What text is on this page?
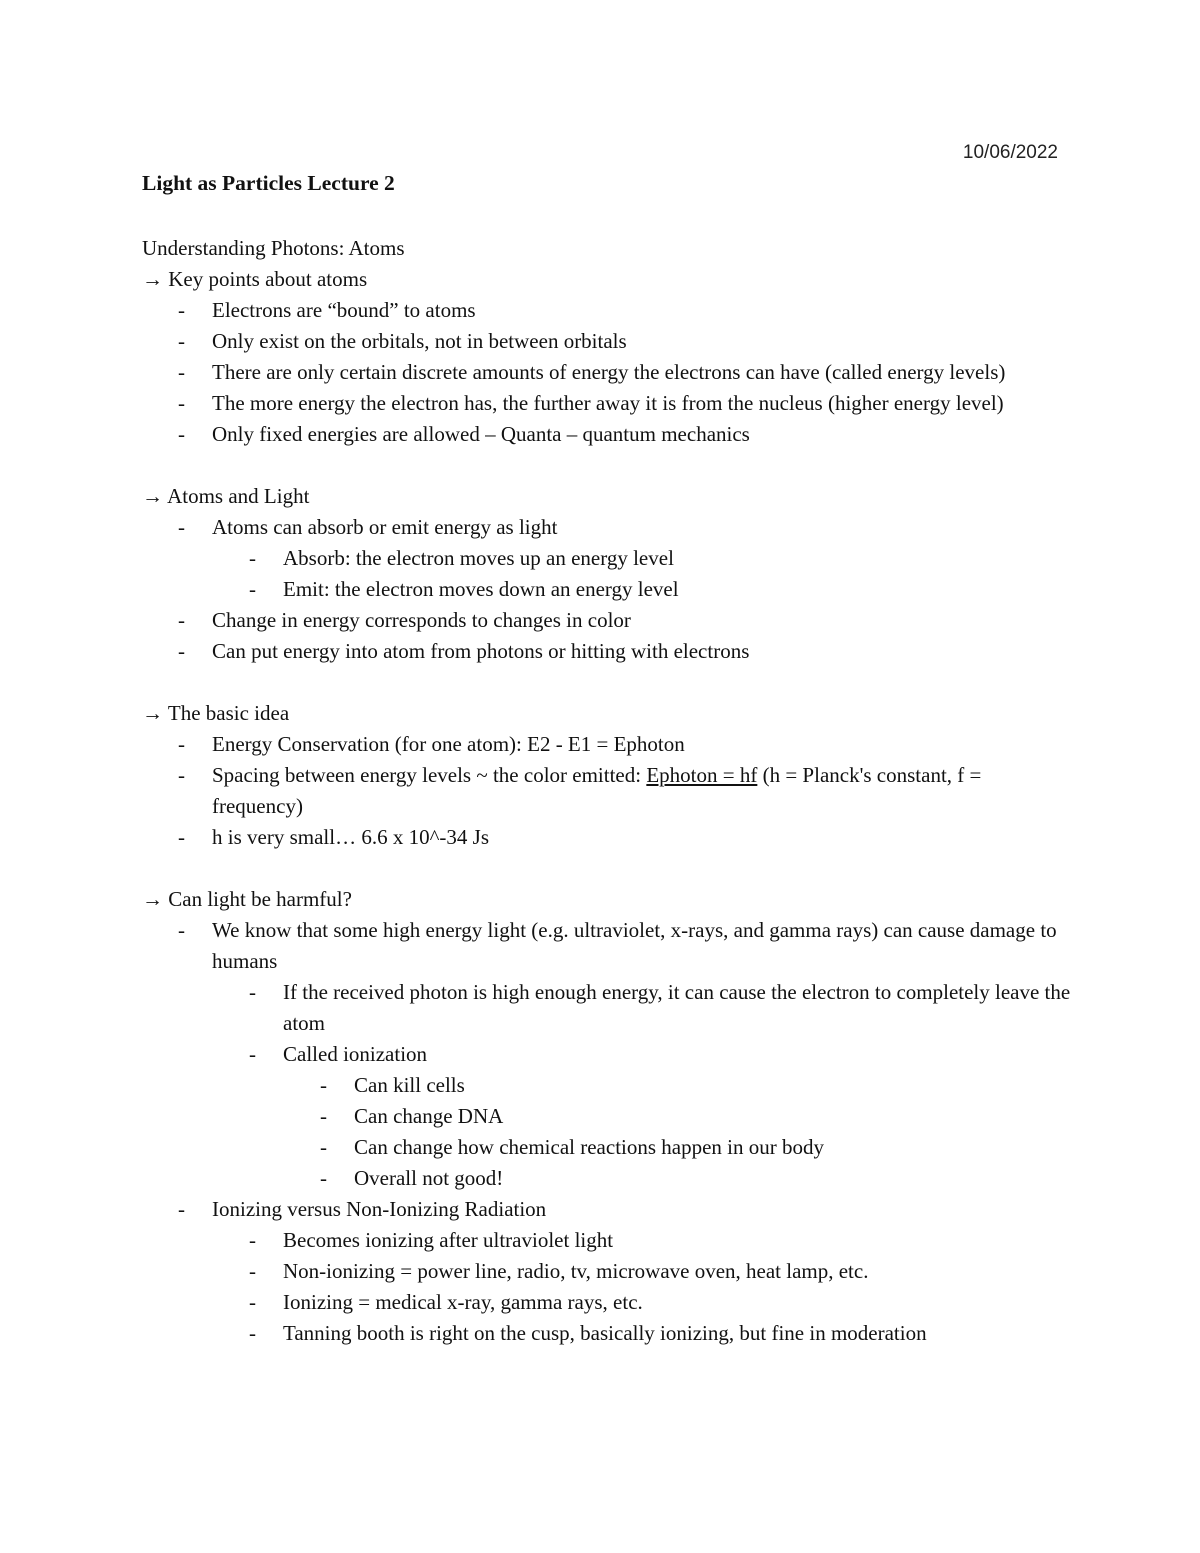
10/06/2022
Light as Particles Lecture 2
Understanding Photons: Atoms
→ Key points about atoms
- Electrons are “bound” to atoms
- Only exist on the orbitals, not in between orbitals
- There are only certain discrete amounts of energy the electrons can have (called energy levels)
- The more energy the electron has, the further away it is from the nucleus (higher energy level)
- Only fixed energies are allowed – Quanta – quantum mechanics
→ Atoms and Light
- Atoms can absorb or emit energy as light
- Absorb: the electron moves up an energy level
- Emit: the electron moves down an energy level
- Change in energy corresponds to changes in color
- Can put energy into atom from photons or hitting with electrons
→ The basic idea
- Energy Conservation (for one atom): E2 - E1 = Ephoton
- Spacing between energy levels ~ the color emitted: Ephoton = hf (h = Planck's constant, f = frequency)
- h is very small… 6.6 x 10^-34 Js
→ Can light be harmful?
- We know that some high energy light (e.g. ultraviolet, x-rays, and gamma rays) can cause damage to humans
- If the received photon is high enough energy, it can cause the electron to completely leave the atom
- Called ionization
- Can kill cells
- Can change DNA
- Can change how chemical reactions happen in our body
- Overall not good!
- Ionizing versus Non-Ionizing Radiation
- Becomes ionizing after ultraviolet light
- Non-ionizing = power line, radio, tv, microwave oven, heat lamp, etc.
- Ionizing = medical x-ray, gamma rays, etc.
- Tanning booth is right on the cusp, basically ionizing, but fine in moderation
